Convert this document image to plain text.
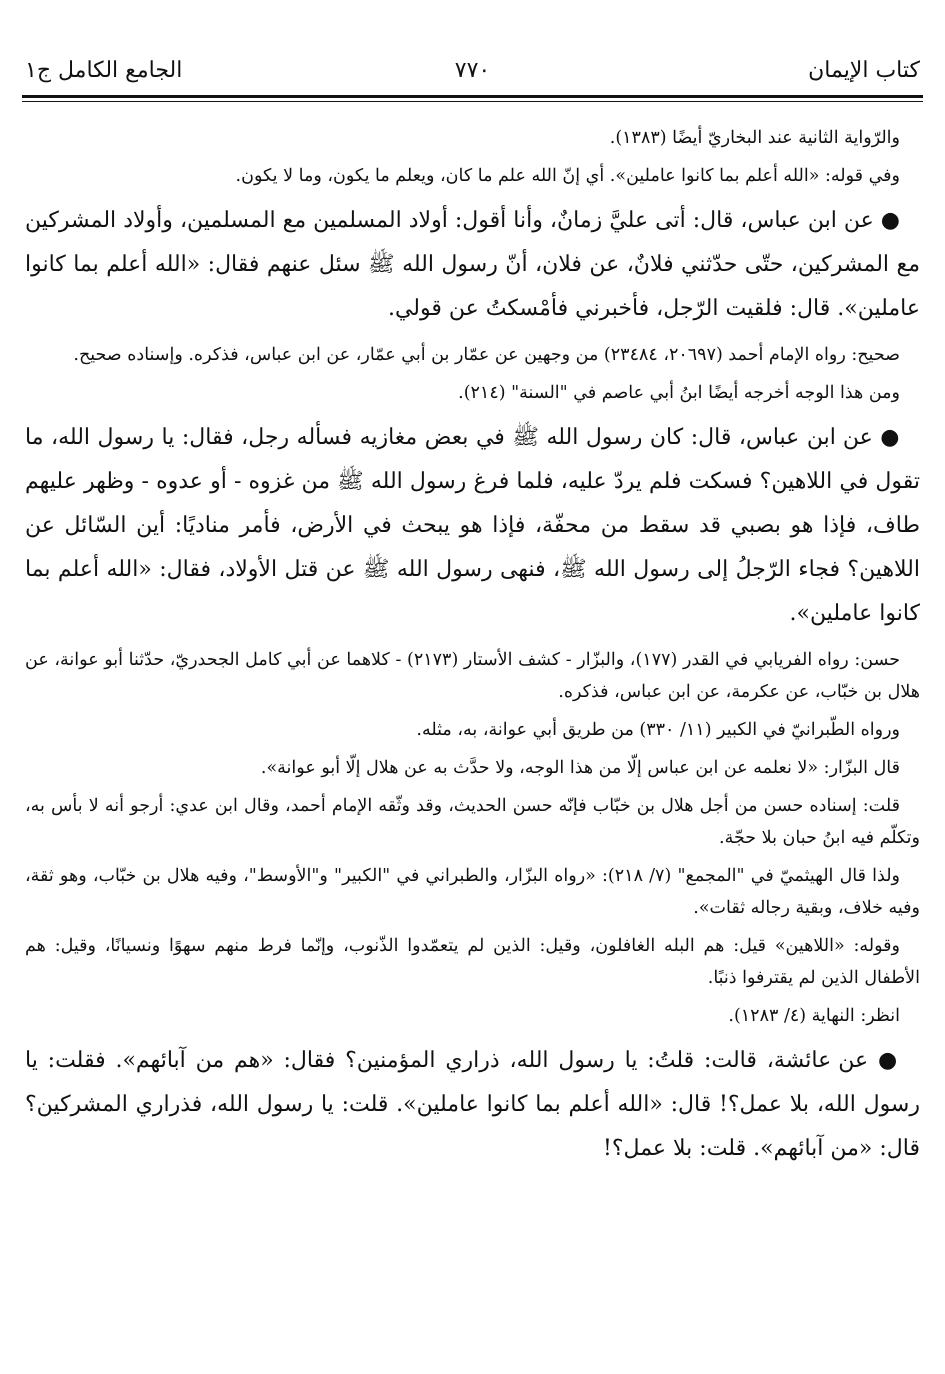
كتاب الإيمان
٧٧٠
الجامع الكامل ج١

والرّواية الثانية عند البخاريّ أيضًا (١٣٨٣).

وفي قوله: «الله أعلم بما كانوا عاملين». أي إنّ الله علم ما كان، ويعلم ما يكون، وما لا يكون.

● عن ابن عباس، قال: أتى عليَّ زمانٌ، وأنا أقول: أولاد المسلمين مع المسلمين، وأولاد المشركين مع المشركين، حتّى حدّثني فلانٌ، عن فلان، أنّ رسول الله ﷺ سئل عنهم فقال: «الله أعلم بما كانوا عاملين». قال: فلقيت الرّجل، فأخبرني فأمْسكتُ عن قولي.

صحيح: رواه الإمام أحمد (٢٠٦٩٧، ٢٣٤٨٤) من وجهين عن عمّار بن أبي عمّار، عن ابن عباس، فذكره. وإسناده صحيح.

ومن هذا الوجه أخرجه أيضًا ابنُ أبي عاصم في "السنة" (٢١٤).

● عن ابن عباس، قال: كان رسول الله ﷺ في بعض مغازيه فسأله رجل، فقال: يا رسول الله، ما تقول في اللاهين؟ فسكت فلم يردّ عليه، فلما فرغ رسول الله ﷺ من غزوه - أو عدوه - وظهر عليهم طاف، فإذا هو بصبي قد سقط من محفّة، فإذا هو يبحث في الأرض، فأمر مناديًا: أين السّائل عن اللاهين؟ فجاء الرّجلُ إلى رسول الله ﷺ، فنهى رسول الله ﷺ عن قتل الأولاد، فقال: «الله أعلم بما كانوا عاملين».

حسن: رواه الفريابي في القدر (١٧٧)، والبزّار - كشف الأستار (٢١٧٣) - كلاهما عن أبي كامل الجحدريّ، حدّثنا أبو عوانة، عن هلال بن خبّاب، عن عكرمة، عن ابن عباس، فذكره.

ورواه الطّبرانيّ في الكبير (١١/ ٣٣٠) من طريق أبي عوانة، به، مثله.

قال البزّار: «لا نعلمه عن ابن عباس إلّا من هذا الوجه، ولا حدَّث به عن هلال إلّا أبو عوانة».

قلت: إسناده حسن من أجل هلال بن خبّاب فإنّه حسن الحديث، وقد وثّقه الإمام أحمد، وقال ابن عدي: أرجو أنه لا بأس به، وتكلّم فيه ابنُ حبان بلا حجّة.

ولذا قال الهيثميّ في "المجمع" (٧/ ٢١٨): «رواه البزّار، والطبراني في "الكبير" و"الأوسط"، وفيه هلال بن خبّاب، وهو ثقة، وفيه خلاف، وبقية رجاله ثقات».

وقوله: «اللاهين» قيل: هم البله الغافلون، وقيل: الذين لم يتعمّدوا الذّنوب، وإنّما فرط منهم سهوًا ونسيانًا، وقيل: هم الأطفال الذين لم يقترفوا ذنبًا.

انظر: النهاية (٤/ ١٢٨٣).

● عن عائشة، قالت: قلتُ: يا رسول الله، ذراري المؤمنين؟ فقال: «هم من آبائهم». فقلت: يا رسول الله، بلا عمل؟! قال: «الله أعلم بما كانوا عاملين». قلت: يا رسول الله، فذراري المشركين؟ قال: «من آبائهم». قلت: بلا عمل؟!
